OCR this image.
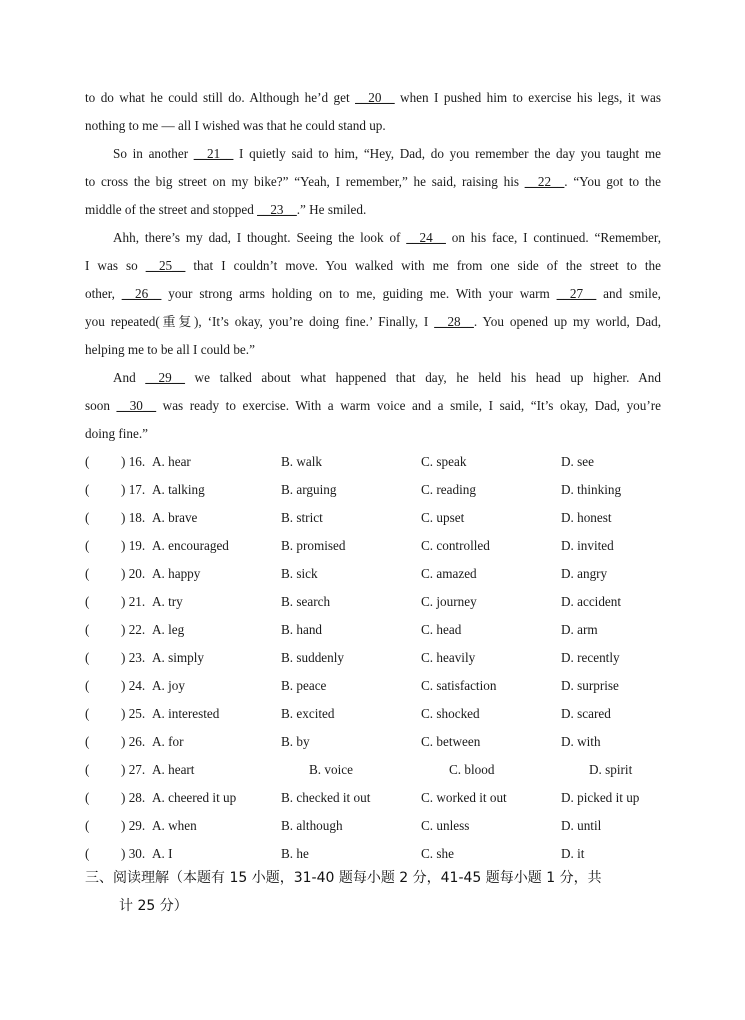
to do what he could still do. Although he’d get __20__ when I pushed him to exercise his legs, it was
nothing to me — all I wished was that he could stand up.
So in another __21__ I quietly said to him, “Hey, Dad, do you remember the day you taught me
to cross the big street on my bike?” “Yeah, I remember,” he said, raising his __22__. “You got to the
middle of the street and stopped __23__.” He smiled.
Ahh, there’s my dad, I thought. Seeing the look of __24__ on his face, I continued. “Remember,
I was so __25__ that I couldn’t move. You walked with me from one side of the street to the
other, __26__ your strong arms holding on to me, guiding me. With your warm __27__ and smile,
you repeated(重复), ‘It’s okay, you’re doing fine.’ Finally, I __28__. You opened up my world, Dad,
helping me to be all I could be.”
And __29__ we talked about what happened that day, he held his head up higher. And
soon __30__ was ready to exercise. With a warm voice and a smile, I said, “It’s okay, Dad, you’re
doing fine.”
( ) 16. A. hear	B. walk	C. speak	D. see
( ) 17. A. talking	B. arguing	C. reading	D. thinking
( ) 18. A. brave	B. strict	C. upset	D. honest
( ) 19. A. encouraged	B. promised	C. controlled	D. invited
( ) 20. A. happy	B. sick	C. amazed	D. angry
( ) 21. A. try	B. search	C. journey	D. accident
( ) 22. A. leg	B. hand	C. head	D. arm
( ) 23. A. simply	B. suddenly	C. heavily	D. recently
( ) 24. A. joy	B. peace	C. satisfaction	D. surprise
( ) 25. A. interested	B. excited	C. shocked	D. scared
( ) 26. A. for	B. by	C. between	D. with
( ) 27. A. heart	B. voice	C. blood	D. spirit
( ) 28. A. cheered it up	B. checked it out	C. worked it out	D. picked it up
( ) 29. A. when	B. although	C. unless	D. until
( ) 30. A. I	B. he	C. she	D. it
三、阅读理解（本题有 15 小题，31-40 题每小题 2 分，41-45 题每小题 1 分，共
计 25 分）
